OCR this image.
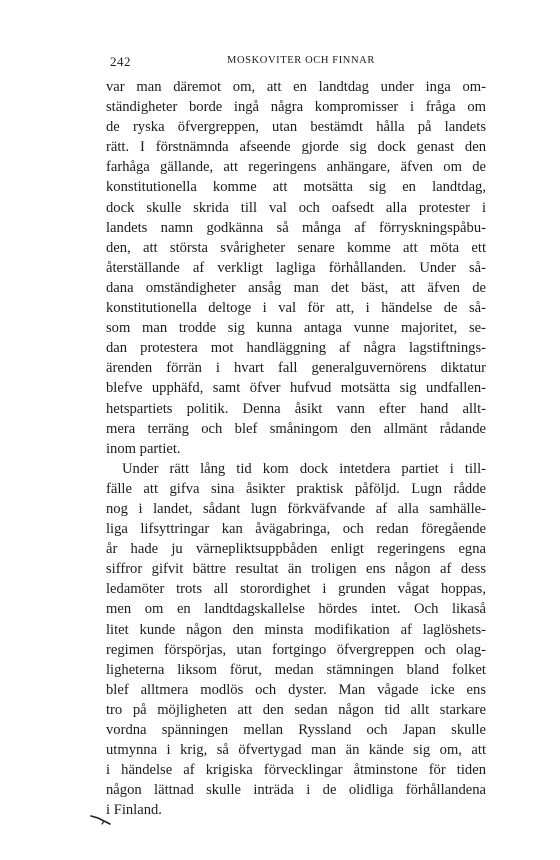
242	MOSKOVITER OCH FINNAR
var man däremot om, att en landtdag under inga om-
ständigheter borde ingå några kompromisser i fråga om
de ryska öfvergreppen, utan bestämdt hålla på landets
rätt. I förstnämnda afseende gjorde sig dock genast den
farhåga gällande, att regeringens anhängare, äfven om de
konstitutionella komme att motsätta sig en landtdag,
dock skulle skrida till val och oafsedt alla protester i
landets namn godkänna så många af förryskningspåbu-
den, att största svårigheter senare komme att möta ett
återställande af verkligt lagliga förhållanden. Under så-
dana omständigheter ansåg man det bäst, att äfven de
konstitutionella deltoge i val för att, i händelse de så-
som man trodde sig kunna antaga vunne majoritet, se-
dan protestera mot handläggning af några lagstiftnings-
ärenden förrän i hvart fall generalguvernörens diktatur
blefve upphäfd, samt öfver hufvud motsätta sig undfallen-
hetspartiets politik. Denna åsikt vann efter hand allt-
mera terräng och blef småningom den allmänt rådande
inom partiet.
Under rätt lång tid kom dock intetdera partiet i till-
fälle att gifva sina åsikter praktisk påföljd. Lugn rådde
nog i landet, sådant lugn förkväfvande af alla samhälle-
liga lifsyttringar kan åvägabringa, och redan föregående
år hade ju värnepliktsuppbåden enligt regeringens egna
siffror gifvit bättre resultat än troligen ens någon af dess
ledamöter trots all storordighet i grunden vågat hoppas,
men om en landtdagskallelse hördes intet. Och likaså
litet kunde någon den minsta modifikation af laglöshets-
regimen förspörjas, utan fortgingo öfvergreppen och olag-
ligheterna liksom förut, medan stämningen bland folket
blef alltmera modlös och dyster. Man vågade icke ens
tro på möjligheten att den sedan någon tid allt starkare
vordna spänningen mellan Ryssland och Japan skulle
utmynna i krig, så öfvertygad man än kände sig om, att
i händelse af krigiska förvecklingar åtminstone för tiden
någon lättnad skulle inträda i de olidliga förhållandena
i Finland.
